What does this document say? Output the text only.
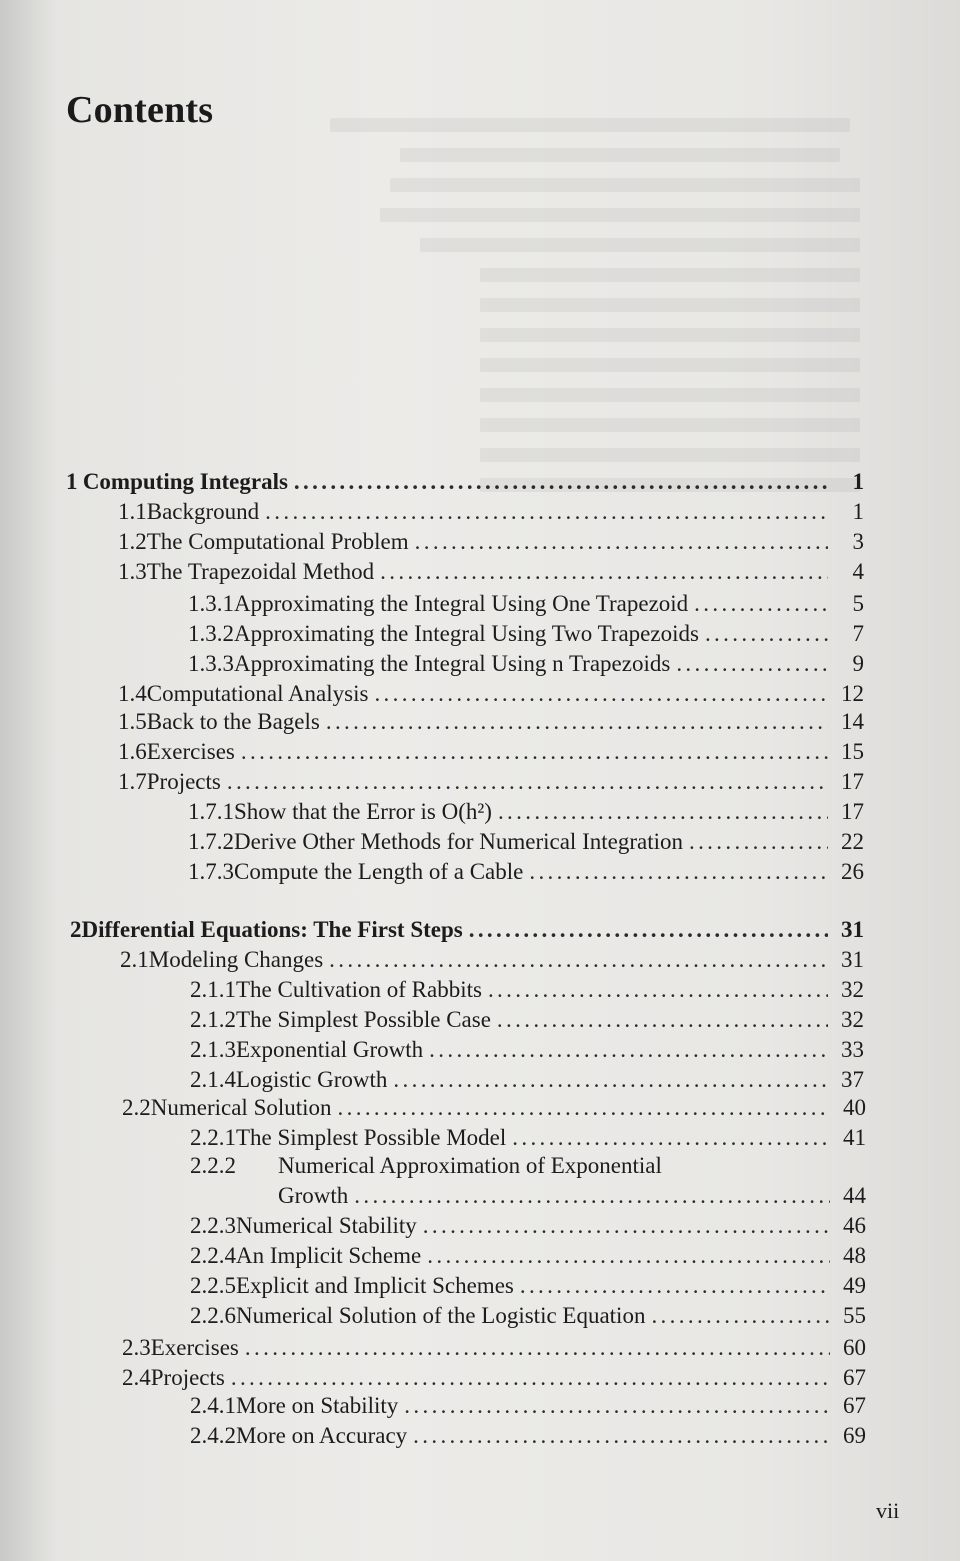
Contents
1 Computing Integrals . . .	1
1.1 Background . . .	1
1.2 The Computational Problem . . .	3
1.3 The Trapezoidal Method . . .	4
1.3.1 Approximating the Integral Using One Trapezoid . . .	5
1.3.2 Approximating the Integral Using Two Trapezoids . . .	7
1.3.3 Approximating the Integral Using n Trapezoids . . .	9
1.4 Computational Analysis . . .	12
1.5 Back to the Bagels . . .	14
1.6 Exercises . . .	15
1.7 Projects . . .	17
1.7.1 Show that the Error is O(h²) . . .	17
1.7.2 Derive Other Methods for Numerical Integration . . .	22
1.7.3 Compute the Length of a Cable . . .	26
2 Differential Equations: The First Steps . . .	31
2.1 Modeling Changes . . .	31
2.1.1 The Cultivation of Rabbits . . .	32
2.1.2 The Simplest Possible Case . . .	32
2.1.3 Exponential Growth . . .	33
2.1.4 Logistic Growth . . .	37
2.2 Numerical Solution . . .	40
2.2.1 The Simplest Possible Model . . .	41
2.2.2	Numerical Approximation of Exponential
Growth . . .	44
2.2.3 Numerical Stability . . .	46
2.2.4 An Implicit Scheme . . .	48
2.2.5 Explicit and Implicit Schemes . . .	49
2.2.6 Numerical Solution of the Logistic Equation . . .	55
2.3 Exercises . . .	60
2.4 Projects . . .	67
2.4.1 More on Stability . . .	67
2.4.2 More on Accuracy . . .	69
vii
